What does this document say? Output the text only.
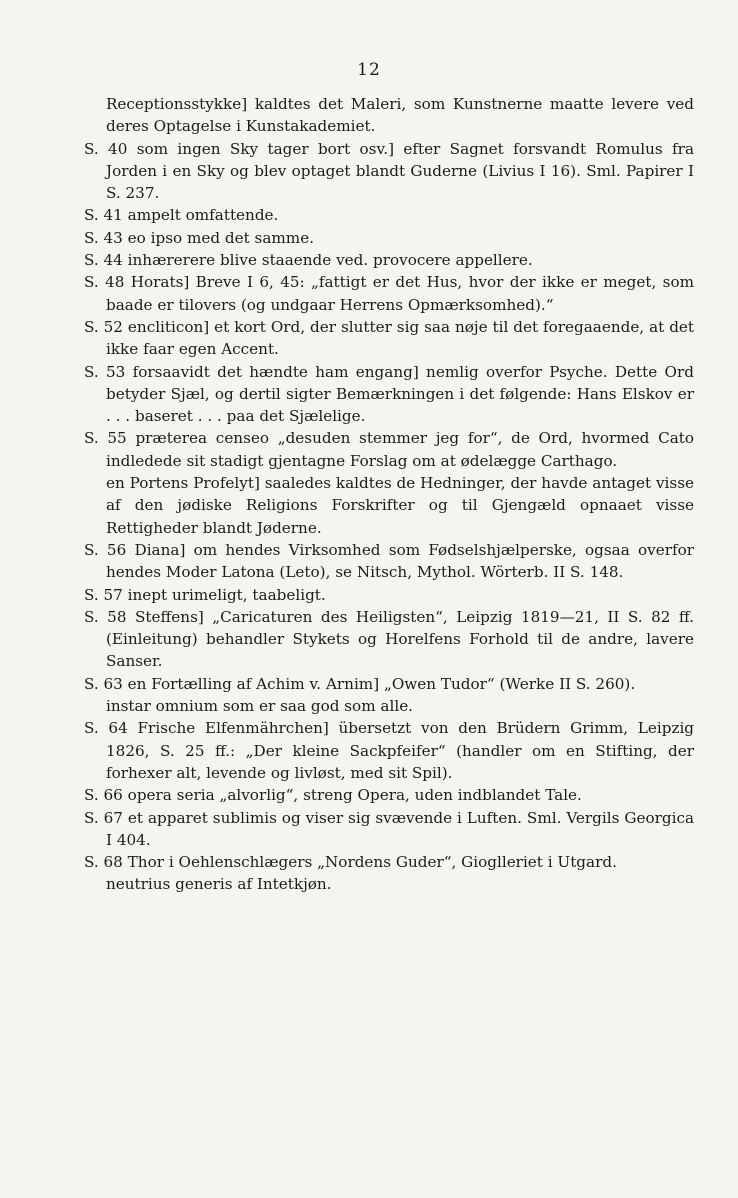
12

Receptionsstykke] kaldtes det Maleri, som Kunstnerne maatte levere ved deres Optagelse i Kunstakademiet.

S. 40 som ingen Sky tager bort osv.] efter Sagnet forsvandt Romulus fra Jorden i en Sky og blev optaget blandt Guderne (Livius I 16). Sml. Papirer I S. 237.

S. 41 ampelt omfattende.

S. 43 eo ipso med det samme.

S. 44 inhærerere blive staaende ved. provocere appellere.

S. 48 Horats] Breve I 6, 45: „fattigt er det Hus, hvor der ikke er meget, som baade er tilovers (og undgaar Herrens Opmærksomhed).“

S. 52 encliticon] et kort Ord, der slutter sig saa nøje til det foregaaende, at det ikke faar egen Accent.

S. 53 forsaavidt det hændte ham engang] nemlig overfor Psyche. Dette Ord betyder Sjæl, og dertil sigter Bemærkningen i det følgende: Hans Elskov er . . . baseret . . . paa det Sjælelige.

S. 55 præterea censeo „desuden stemmer jeg for“, de Ord, hvormed Cato indledede sit stadigt gjentagne Forslag om at ødelægge Carthago.

en Portens Profelyt] saaledes kaldtes de Hedninger, der havde antaget visse af den jødiske Religions Forskrifter og til Gjengæld opnaaet visse Rettigheder blandt Jøderne.

S. 56 Diana] om hendes Virksomhed som Fødselshjælperske, ogsaa overfor hendes Moder Latona (Leto), se Nitsch, Mythol. Wörterb. II S. 148.

S. 57 inept urimeligt, taabeligt.

S. 58 Steffens] „Caricaturen des Heiligsten“, Leipzig 1819—21, II S. 82 ff. (Einleitung) behandler Stykets og Horelfens Forhold til de andre, lavere Sanser.

S. 63 en Fortælling af Achim v. Arnim] „Owen Tudor“ (Werke II S. 260).

instar omnium som er saa god som alle.

S. 64 Frische Elfenmährchen] übersetzt von den Brüdern Grimm, Leipzig 1826, S. 25 ff.: „Der kleine Sackpfeifer“ (handler om en Stifting, der forhexer alt, levende og livløst, med sit Spil).

S. 66 opera seria „alvorlig“, streng Opera, uden indblandet Tale.

S. 67 et apparet sublimis og viser sig svævende i Luften. Sml. Vergils Georgica I 404.

S. 68 Thor i Oehlenschlægers „Nordens Guder“, Gioglleriet i Utgard.

neutrius generis af Intetkjøn.
